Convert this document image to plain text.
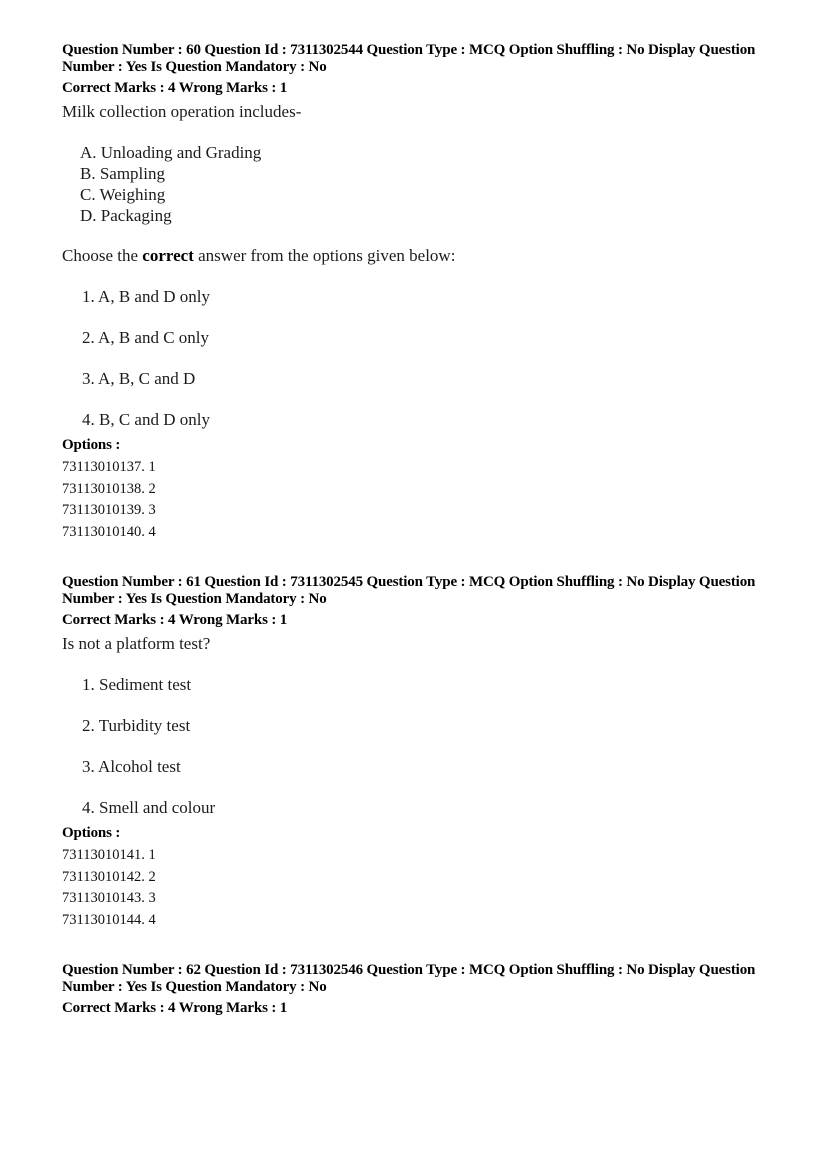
Question Number : 60 Question Id : 7311302544 Question Type : MCQ Option Shuffling : No Display Question
Number : Yes Is Question Mandatory : No
Correct Marks : 4 Wrong Marks : 1
Milk collection operation includes-
A. Unloading and Grading
B. Sampling
C. Weighing
D. Packaging
Choose the correct answer from the options given below:
1. A, B and D only
2. A, B and C only
3. A, B, C and D
4. B, C and D only
Options :
73113010137. 1
73113010138. 2
73113010139. 3
73113010140. 4
Question Number : 61 Question Id : 7311302545 Question Type : MCQ Option Shuffling : No Display Question
Number : Yes Is Question Mandatory : No
Correct Marks : 4 Wrong Marks : 1
Is not a platform test?
1. Sediment test
2. Turbidity test
3. Alcohol test
4. Smell and colour
Options :
73113010141. 1
73113010142. 2
73113010143. 3
73113010144. 4
Question Number : 62 Question Id : 7311302546 Question Type : MCQ Option Shuffling : No Display Question
Number : Yes Is Question Mandatory : No
Correct Marks : 4 Wrong Marks : 1
